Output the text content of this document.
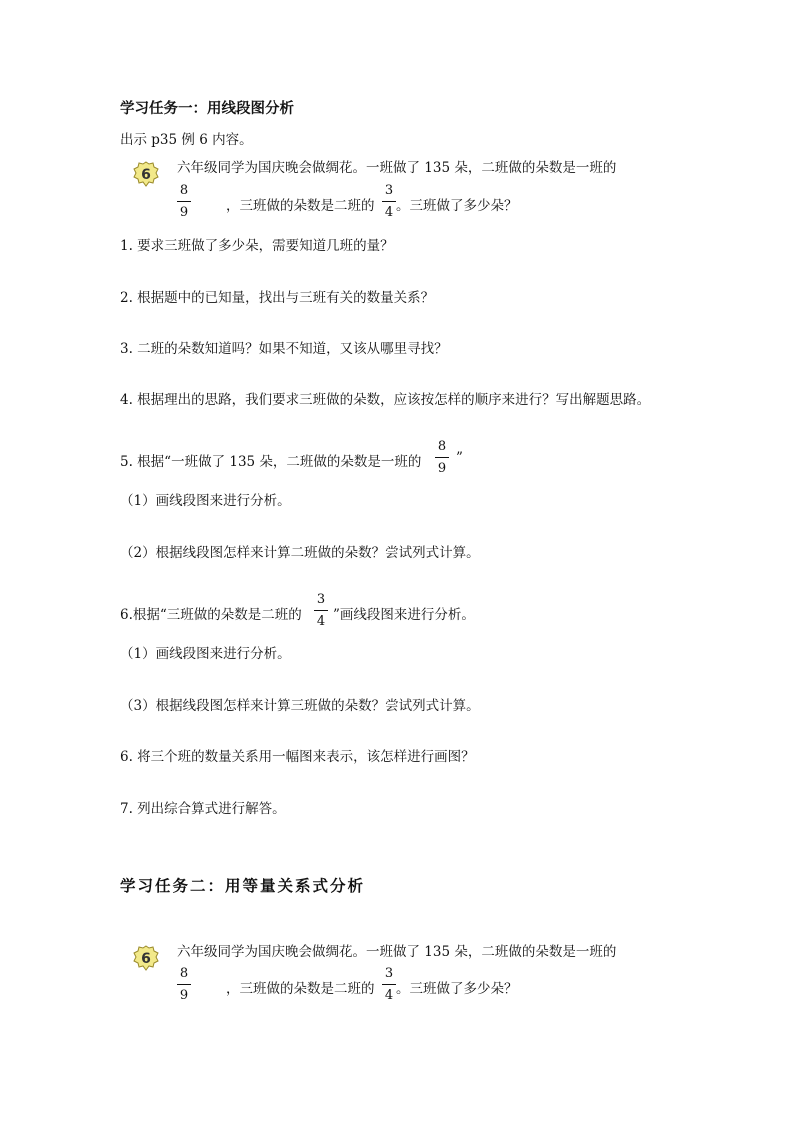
学习任务一：用线段图分析
出示 p35 例 6 内容。
6 六年级同学为国庆晚会做绸花。一班做了 135 朵，二班做的朵数是一班的
8
9	，三班做的朵数是二班的
3
4 。三班做了多少朵？
1. 要求三班做了多少朵，需要知道几班的量？
2. 根据题中的已知量，找出与三班有关的数量关系？
3. 二班的朵数知道吗？如果不知道，又该从哪里寻找？
4. 根据理出的思路，我们要求三班做的朵数，应该按怎样的顺序来进行？写出解题思路。
5. 根据“一班做了 135 朵，二班做的朵数是一班的
8
9
”
（1）画线段图来进行分析。
（2）根据线段图怎样来计算二班做的朵数？尝试列式计算。
6.根据“三班做的朵数是二班的
3
4 ”画线段图来进行分析。
（1）画线段图来进行分析。
（3）根据线段图怎样来计算三班做的朵数？尝试列式计算。
6. 将三个班的数量关系用一幅图来表示，该怎样进行画图？
7. 列出综合算式进行解答。
学习任务二：用等量关系式分析
6 六年级同学为国庆晚会做绸花。一班做了 135 朵，二班做的朵数是一班的
8
9	，三班做的朵数是二班的
3
4 。三班做了多少朵？
